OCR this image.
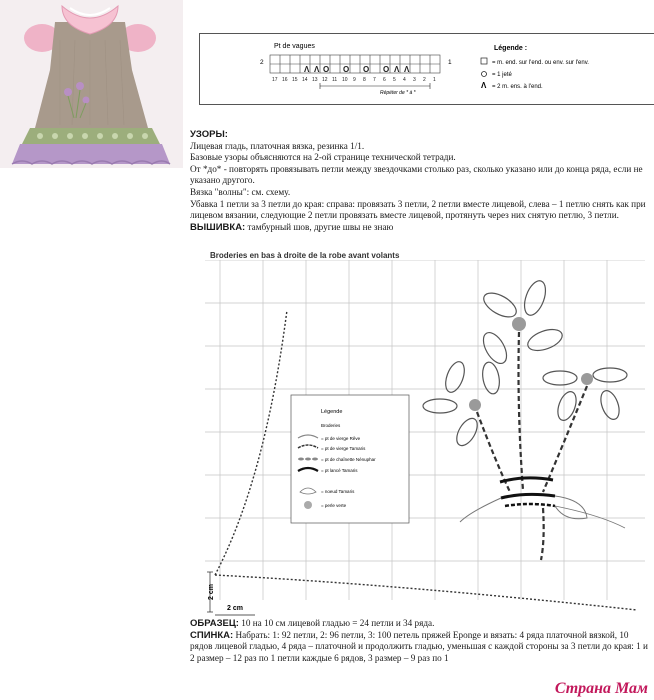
Pt de vagues
2	1
Λ Λ O O O O Λ Λ
17 16 15 14 13 12 11 10 9 8 7 6 5 4 3 2 1
Répéter de * à *
Légende :
= m. end. sur l'end. ou env. sur l'env.
= 1 jeté
Λ = 2 m. ens. à l'end.

УЗОРЫ:

Лицевая гладь, платочная вязка, резинка 1/1.

Базовые узоры объясняются на 2-ой странице технической тетради.

От *до* - повторять провязывать петли между звездочками столько раз, сколько указано или до конца ряда, если не указано другого.

Вязка "волны": см. схему.

Убавка 1 петли за 3 петли до края: справа: провязать 3 петли, 2 петли вместе лицевой, слева – 1 петлю снять как при лицевом вязании, следующие 2 петли провязать вместе лицевой, протянуть через них снятую петлю, 3 петли.

ВЫШИВКА: тамбурный шов, другие швы не знаю

Broderies en bas à droite de la robe avant volants
2 cm
2 cm
Légende
Broderies
= pt de vierge Rêve
= pt de vierge Tamaris
= pt de chaînette Nénuphar
= pt lancé Tamaris
= noeud Tamaris
= perle verte

ОБРАЗЕЦ: 10 на 10 см лицевой гладью = 24 петли и 34 ряда.

СПИНКА: Набрать: 1: 92 петли, 2: 96 петли, 3: 100 петель пряжей Eponge и вязать: 4 ряда платочной вязкой, 10 рядов лицевой гладью, 4 ряда – платочной и продолжить гладью, уменьшая с каждой стороны за 3 петли до края: 1 и 2 размер – 12 раз по 1 петли каждые 6 рядов, 3 размер – 9 раз по 1

Страна Мам
